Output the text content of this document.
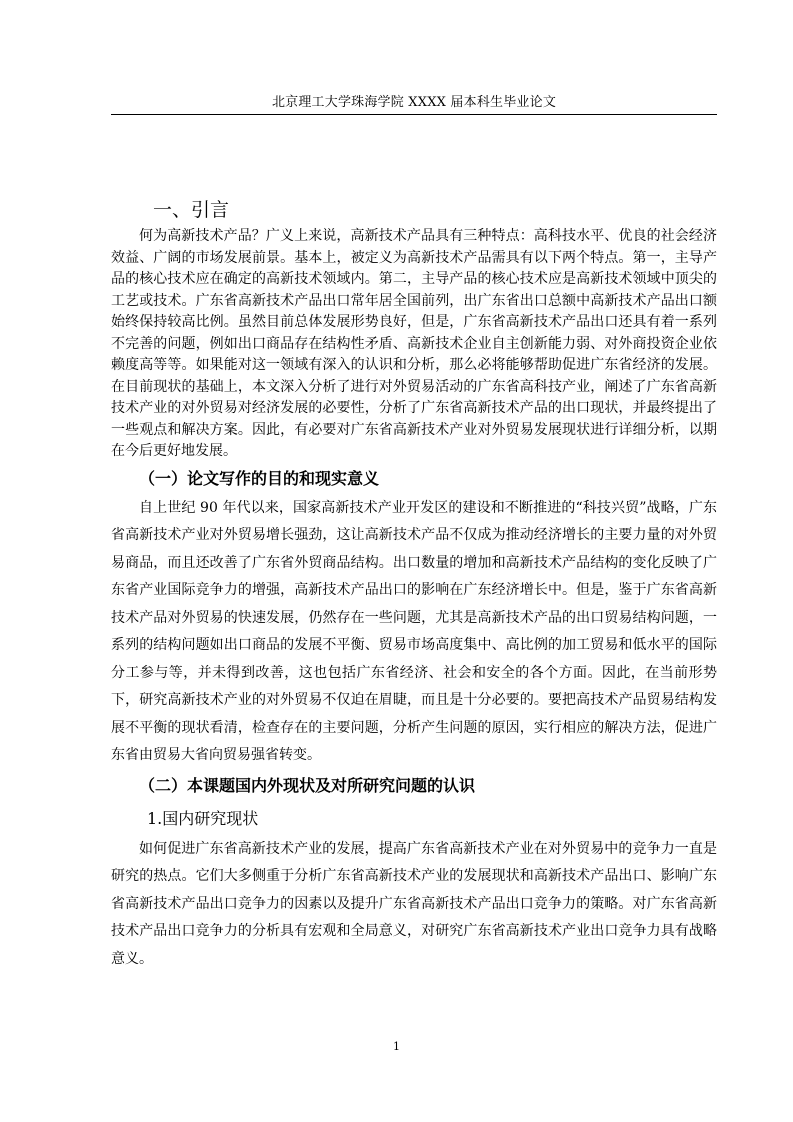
北京理工大学珠海学院 XXXX 届本科生毕业论文
一、引言

何为高新技术产品？广义上来说，高新技术产品具有三种特点：高科技水平、优良的社会经济效益、广阔的市场发展前景。基本上，被定义为高新技术产品需具有以下两个特点。第一，主导产品的核心技术应在确定的高新技术领域内。第二，主导产品的核心技术应是高新技术领域中顶尖的工艺或技术。广东省高新技术产品出口常年居全国前列，出广东省出口总额中高新技术产品出口额始终保持较高比例。虽然目前总体发展形势良好，但是，广东省高新技术产品出口还具有着一系列不完善的问题，例如出口商品存在结构性矛盾、高新技术企业自主创新能力弱、对外商投资企业依赖度高等等。如果能对这一领域有深入的认识和分析，那么必将能够帮助促进广东省经济的发展。在目前现状的基础上，本文深入分析了进行对外贸易活动的广东省高科技产业，阐述了广东省高新技术产业的对外贸易对经济发展的必要性，分析了广东省高新技术产品的出口现状，并最终提出了一些观点和解决方案。因此，有必要对广东省高新技术产业对外贸易发展现状进行详细分析，以期在今后更好地发展。

（一）论文写作的目的和现实意义

自上世纪 90 年代以来，国家高新技术产业开发区的建设和不断推进的“科技兴贸”战略，广东省高新技术产业对外贸易增长强劲，这让高新技术产品不仅成为推动经济增长的主要力量的对外贸易商品，而且还改善了广东省外贸商品结构。出口数量的增加和高新技术产品结构的变化反映了广东省产业国际竞争力的增强，高新技术产品出口的影响在广东经济增长中。但是，鉴于广东省高新技术产品对外贸易的快速发展，仍然存在一些问题，尤其是高新技术产品的出口贸易结构问题，一系列的结构问题如出口商品的发展不平衡、贸易市场高度集中、高比例的加工贸易和低水平的国际分工参与等，并未得到改善，这也包括广东省经济、社会和安全的各个方面。因此，在当前形势下，研究高新技术产业的对外贸易不仅迫在眉睫，而且是十分必要的。要把高技术产品贸易结构发展不平衡的现状看清，检查存在的主要问题，分析产生问题的原因，实行相应的解决方法，促进广东省由贸易大省向贸易强省转变。

（二）本课题国内外现状及对所研究问题的认识
1.国内研究现状

如何促进广东省高新技术产业的发展，提高广东省高新技术产业在对外贸易中的竞争力一直是研究的热点。它们大多侧重于分析广东省高新技术产业的发展现状和高新技术产品出口、影响广东省高新技术产品出口竞争力的因素以及提升广东省高新技术产品出口竞争力的策略。对广东省高新技术产品出口竞争力的分析具有宏观和全局意义，对研究广东省高新技术产业出口竞争力具有战略意义。

1
